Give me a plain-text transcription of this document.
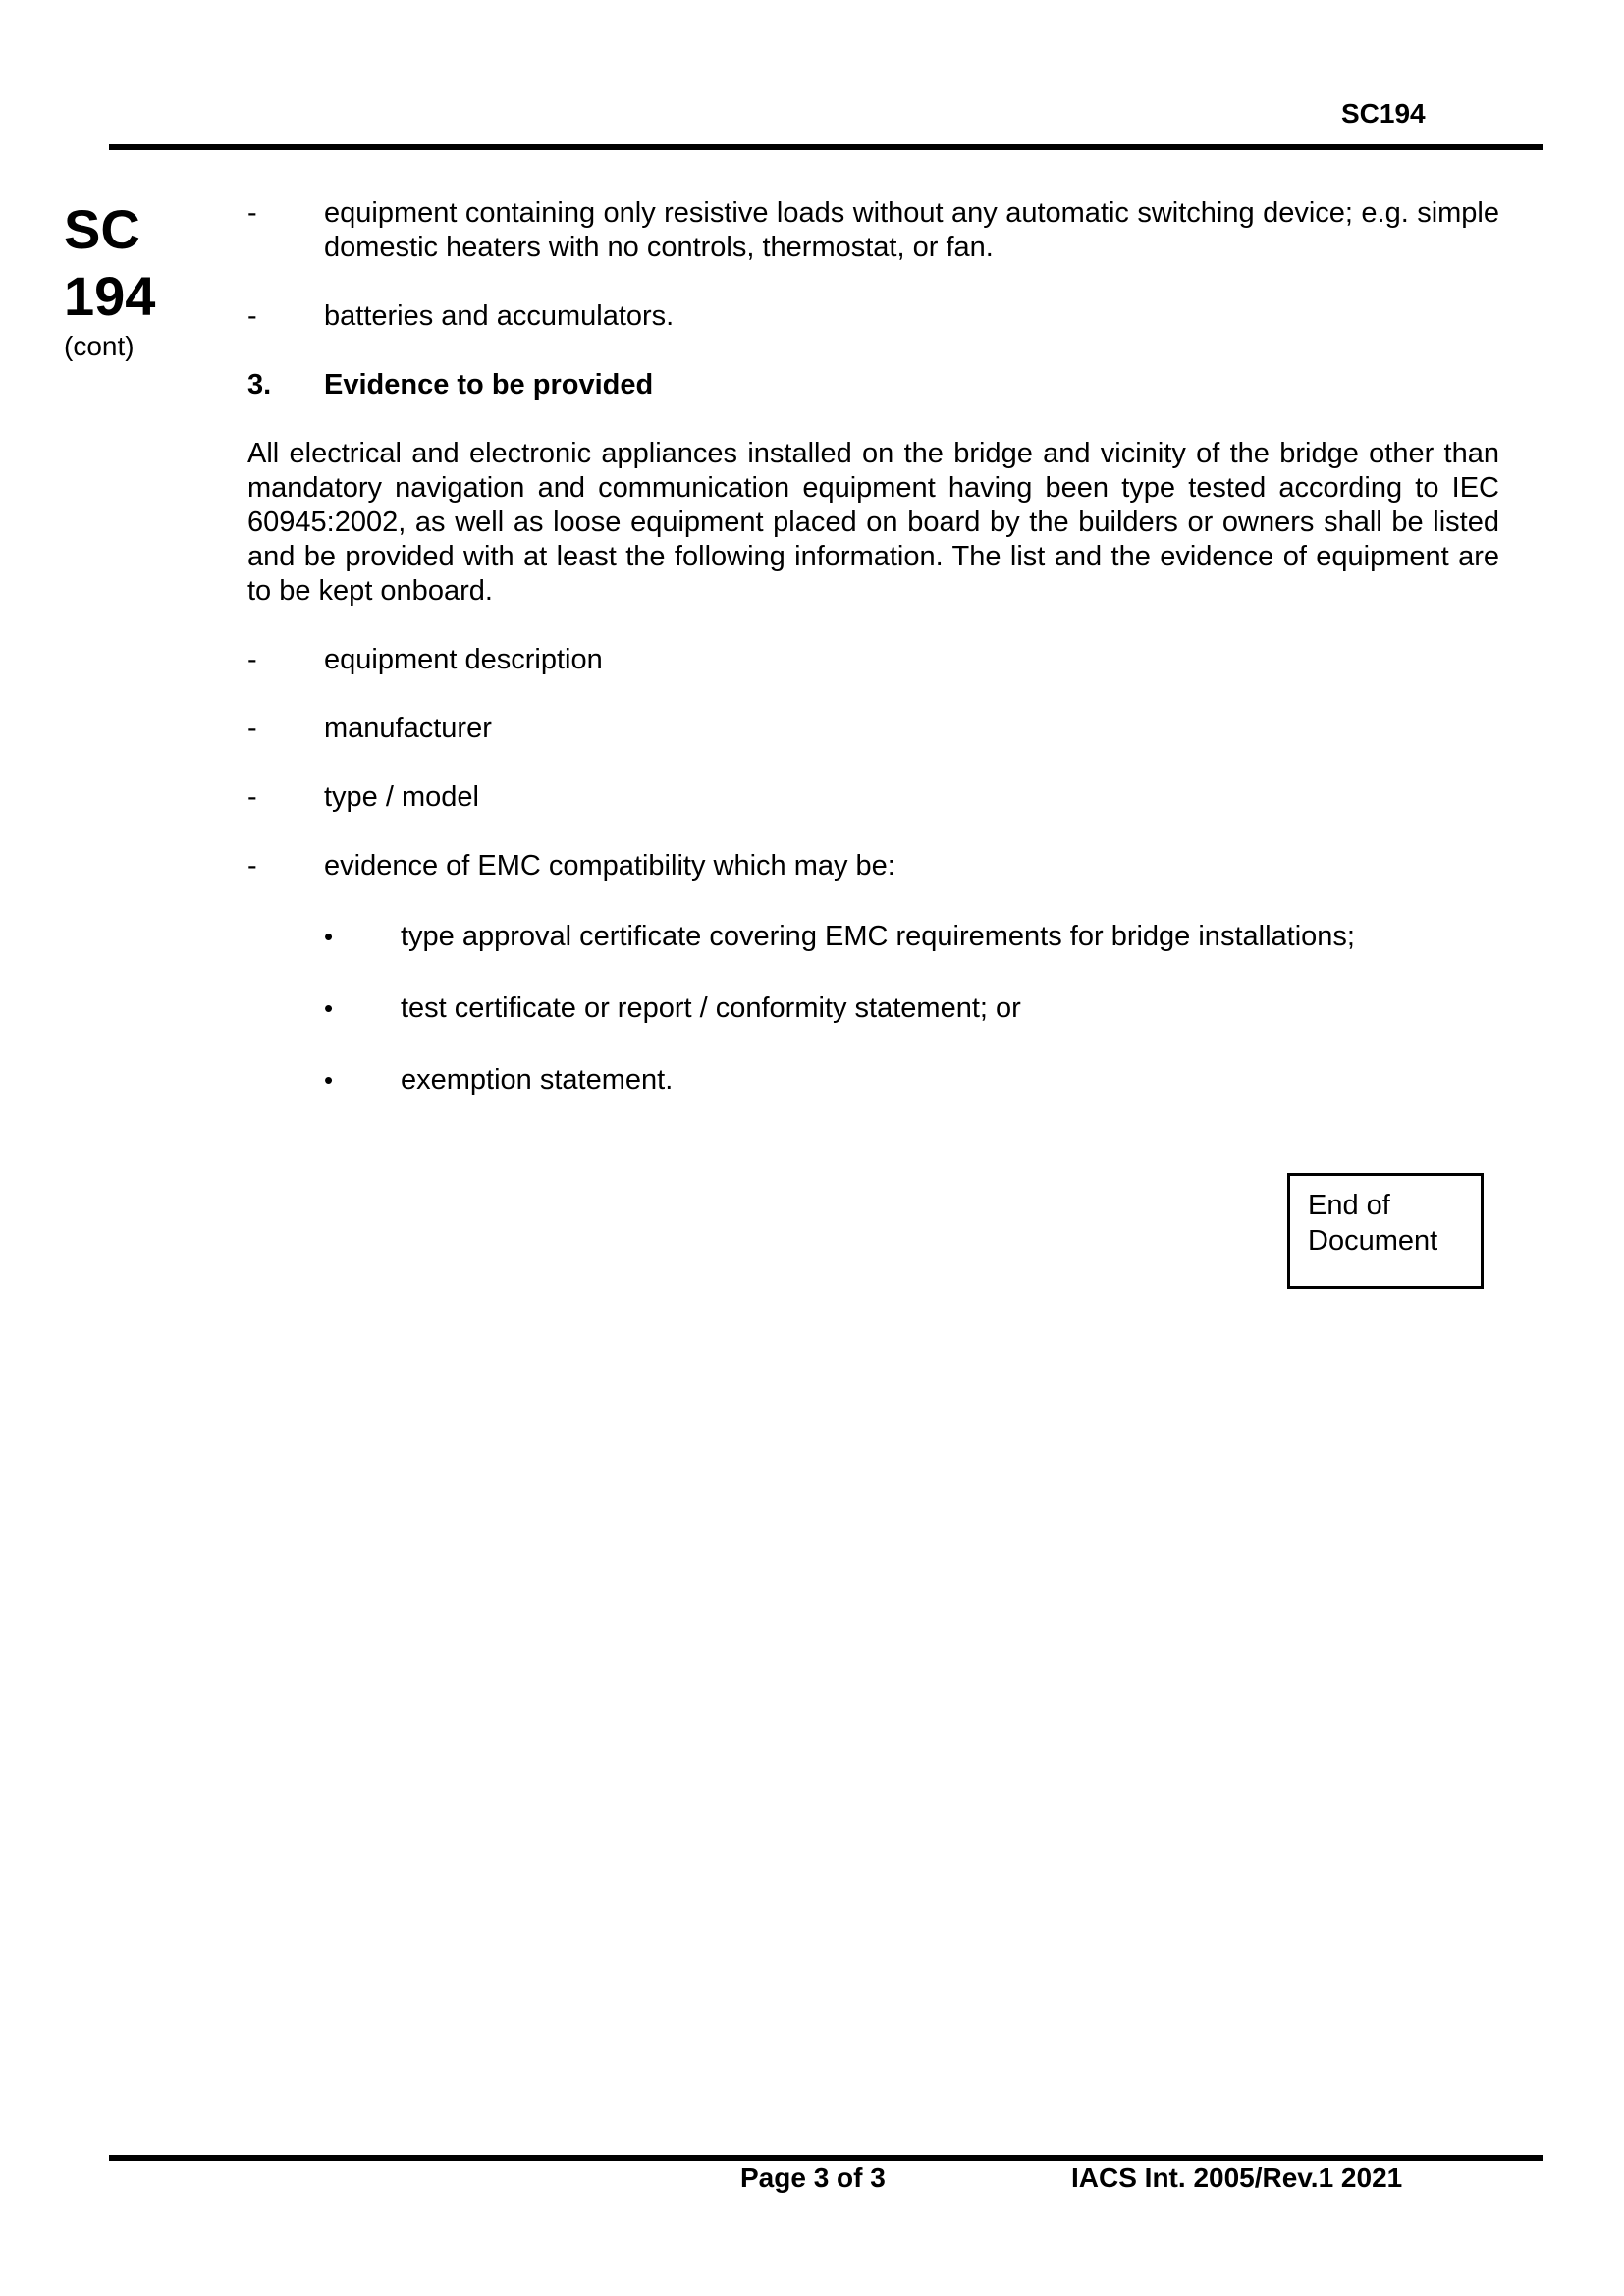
SC194
SC
194
(cont)
-	equipment containing only resistive loads without any automatic switching device; e.g. simple domestic heaters with no controls, thermostat, or fan.
-	batteries and accumulators.
3.	Evidence to be provided
All electrical and electronic appliances installed on the bridge and vicinity of the bridge other than mandatory navigation and communication equipment having been type tested according to IEC 60945:2002, as well as loose equipment placed on board by the builders or owners shall be listed and be provided with at least the following information. The list and the evidence of equipment are to be kept onboard.
-	equipment description
-	manufacturer
-	type / model
-	evidence of EMC compatibility which may be:
•	type approval certificate covering EMC requirements for bridge installations;
•	test certificate or report / conformity statement; or
•	exemption statement.
End of
Document
Page 3 of 3	IACS Int. 2005/Rev.1 2021
